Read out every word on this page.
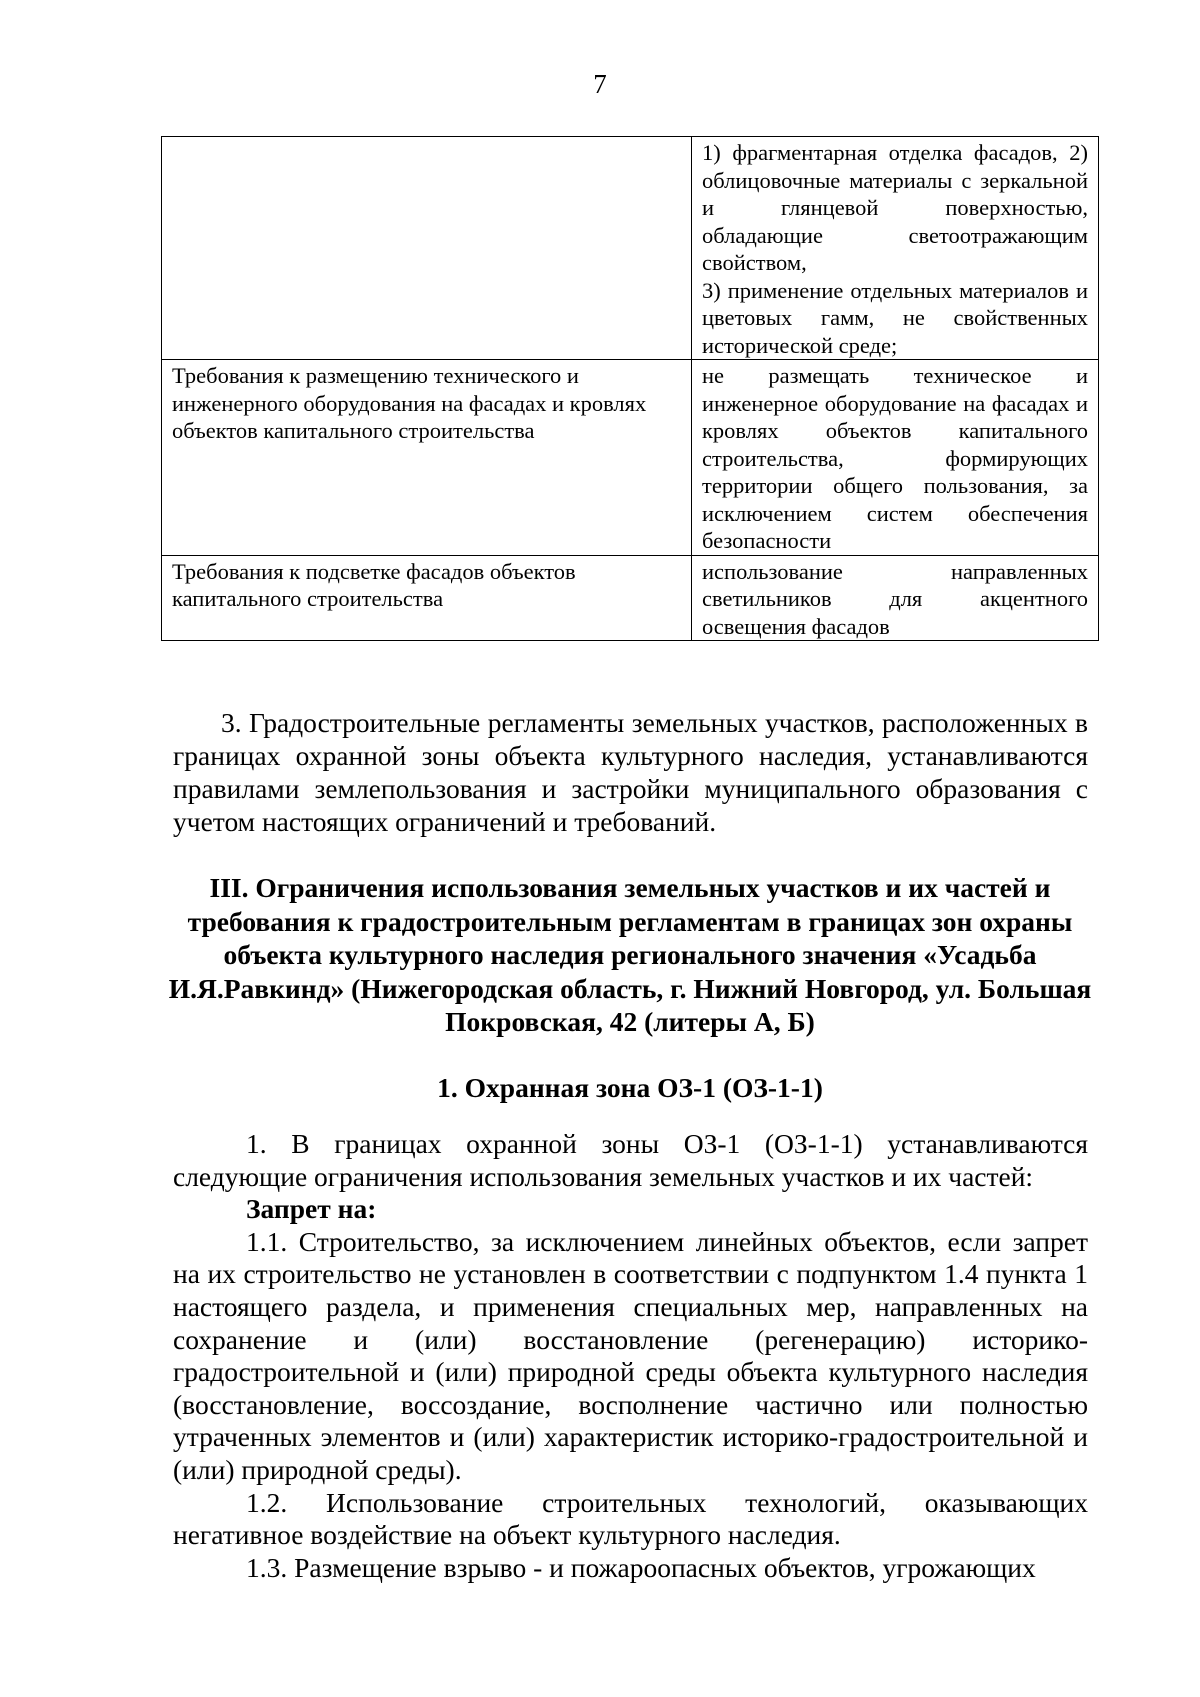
7

	1) фрагментарная отделка фасадов, 2) облицовочные материалы с зеркальной и глянцевой поверхностью, обладающие светоотражающим свойством,
3) применение отдельных материалов и цветовых гамм, не свойственных исторической среде;

Требования к размещению технического и инженерного оборудования на фасадах и кровлях объектов капитального строительства	не размещать техническое и инженерное оборудование на фасадах и кровлях объектов капитального строительства, формирующих территории общего пользования, за исключением систем обеспечения безопасности

Требования к подсветке фасадов объектов капитального строительства	использование направленных светильников для акцентного освещения фасадов

3. Градостроительные регламенты земельных участков, расположенных в границах охранной зоны объекта культурного наследия, устанавливаются правилами землепользования и застройки муниципального образования с учетом настоящих ограничений и требований.

III. Ограничения использования земельных участков и их частей и требования к градостроительным регламентам в границах зон охраны объекта культурного наследия регионального значения «Усадьба И.Я.Равкинд» (Нижегородская область, г. Нижний Новгород, ул. Большая Покровская, 42 (литеры А, Б)

1. Охранная зона ОЗ-1 (ОЗ-1-1)

1. В границах охранной зоны ОЗ-1 (ОЗ-1-1) устанавливаются следующие ограничения использования земельных участков и их частей:

Запрет на:

1.1. Строительство, за исключением линейных объектов, если запрет на их строительство не установлен в соответствии с подпунктом 1.4 пункта 1 настоящего раздела, и применения специальных мер, направленных на сохранение и (или) восстановление (регенерацию) историко-градостроительной и (или) природной среды объекта культурного наследия (восстановление, воссоздание, восполнение частично или полностью утраченных элементов и (или) характеристик историко-градостроительной и (или) природной среды).

1.2. Использование строительных технологий, оказывающих негативное воздействие на объект культурного наследия.

1.3. Размещение взрыво - и пожароопасных объектов, угрожающих
